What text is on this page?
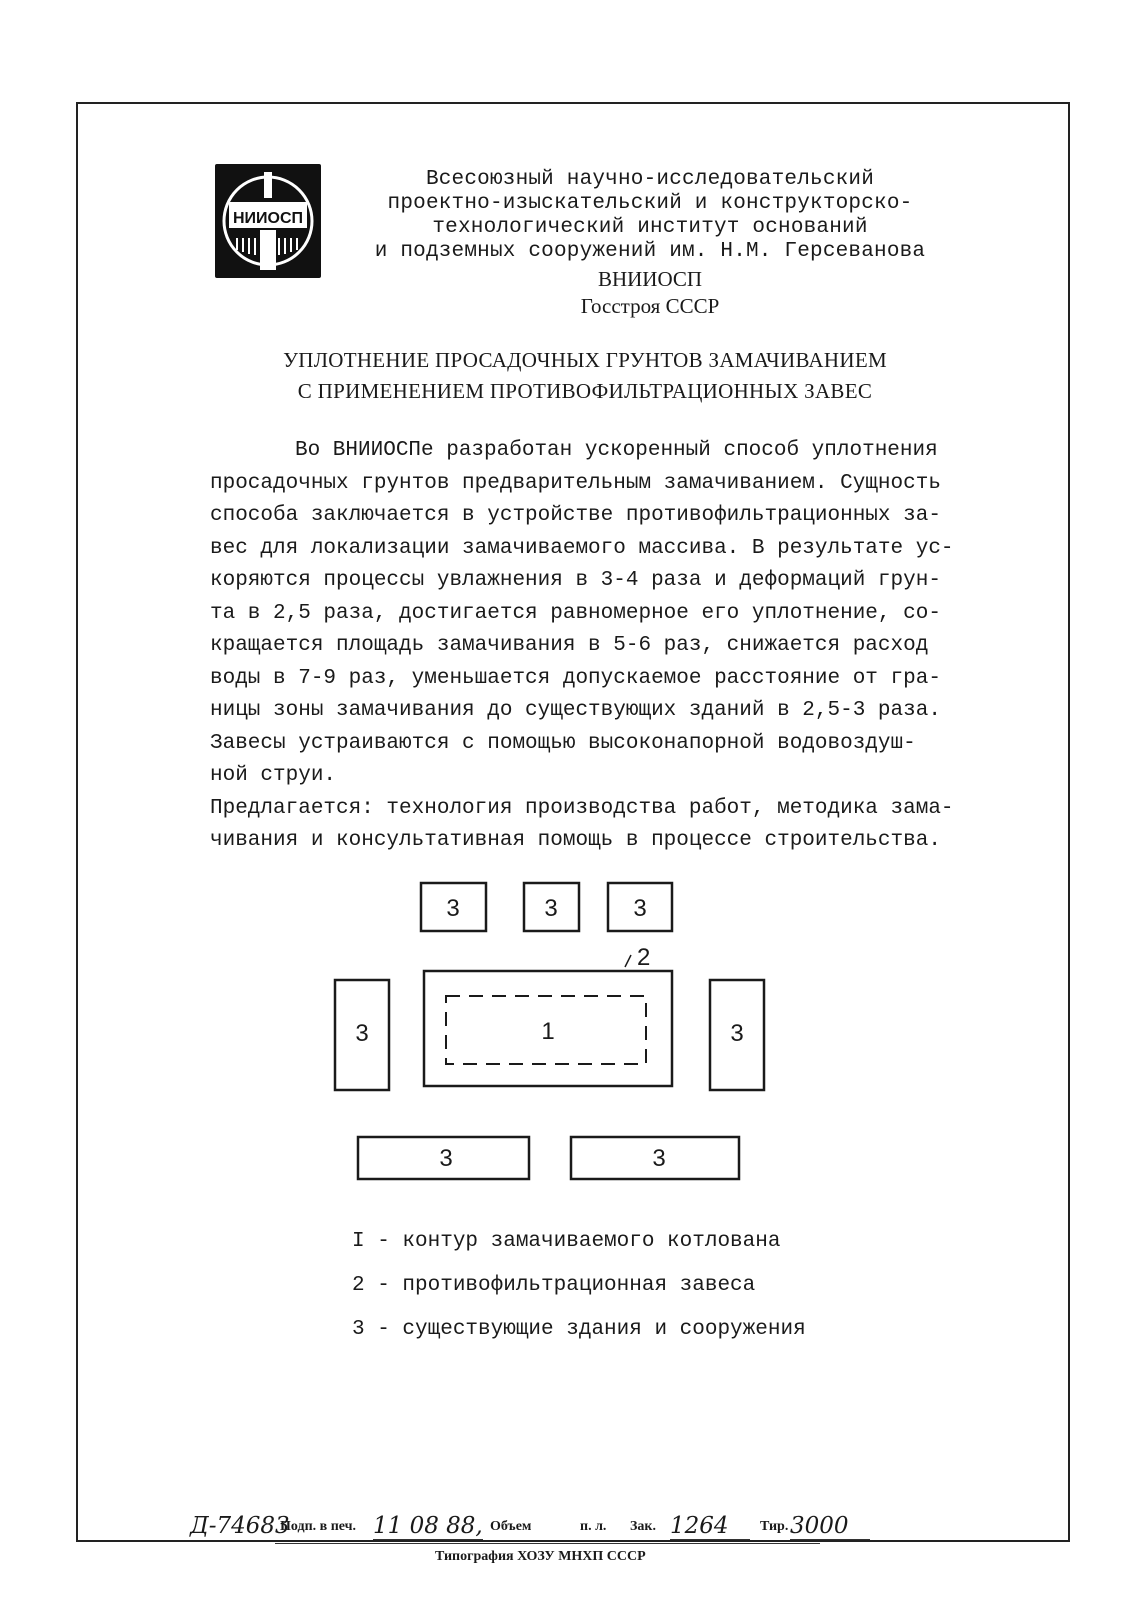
НИИОСП
Всесоюзный научно-исследовательский
проектно-изыскательский и конструкторско-
технологический институт оснований
и подземных сооружений им. Н.М. Герсеванова
ВНИИОСП
Госстроя СССР
УПЛОТНЕНИЕ ПРОСАДОЧНЫХ ГРУНТОВ ЗАМАЧИВАНИЕМ
С ПРИМЕНЕНИЕМ ПРОТИВОФИЛЬТРАЦИОННЫХ ЗАВЕС

Во ВНИИОСПе разработан ускоренный способ уплотнения

просадочных грунтов предварительным замачиванием. Сущность

способа заключается в устройстве противофильтрационных за-

вес для локализации замачиваемого массива. В результате ус-

коряются процессы увлажнения в 3-4 раза и деформаций грун-

та в 2,5 раза, достигается равномерное его уплотнение, со-

кращается площадь замачивания в 5-6 раз, снижается расход

воды в 7-9 раз, уменьшается допускаемое расстояние от гра-

ницы зоны замачивания до существующих зданий в 2,5-3 раза.

Завесы устраиваются с помощью высоконапорной водовоздуш-

ной струи.

Предлагается: технология производства работ, методика зама-

чивания и консультативная помощь в процессе строительства.

3	3	3
3	3
2
1
3	3
I - контур замачиваемого котлована
2 - противофильтрационная завеса
3 - существующие здания и сооружения
Д-74683
Подп. в печ. 11 08 88, Объем	п. л. Зак. 1264	Тир. 3000
Типография ХОЗУ МНХП СССР
